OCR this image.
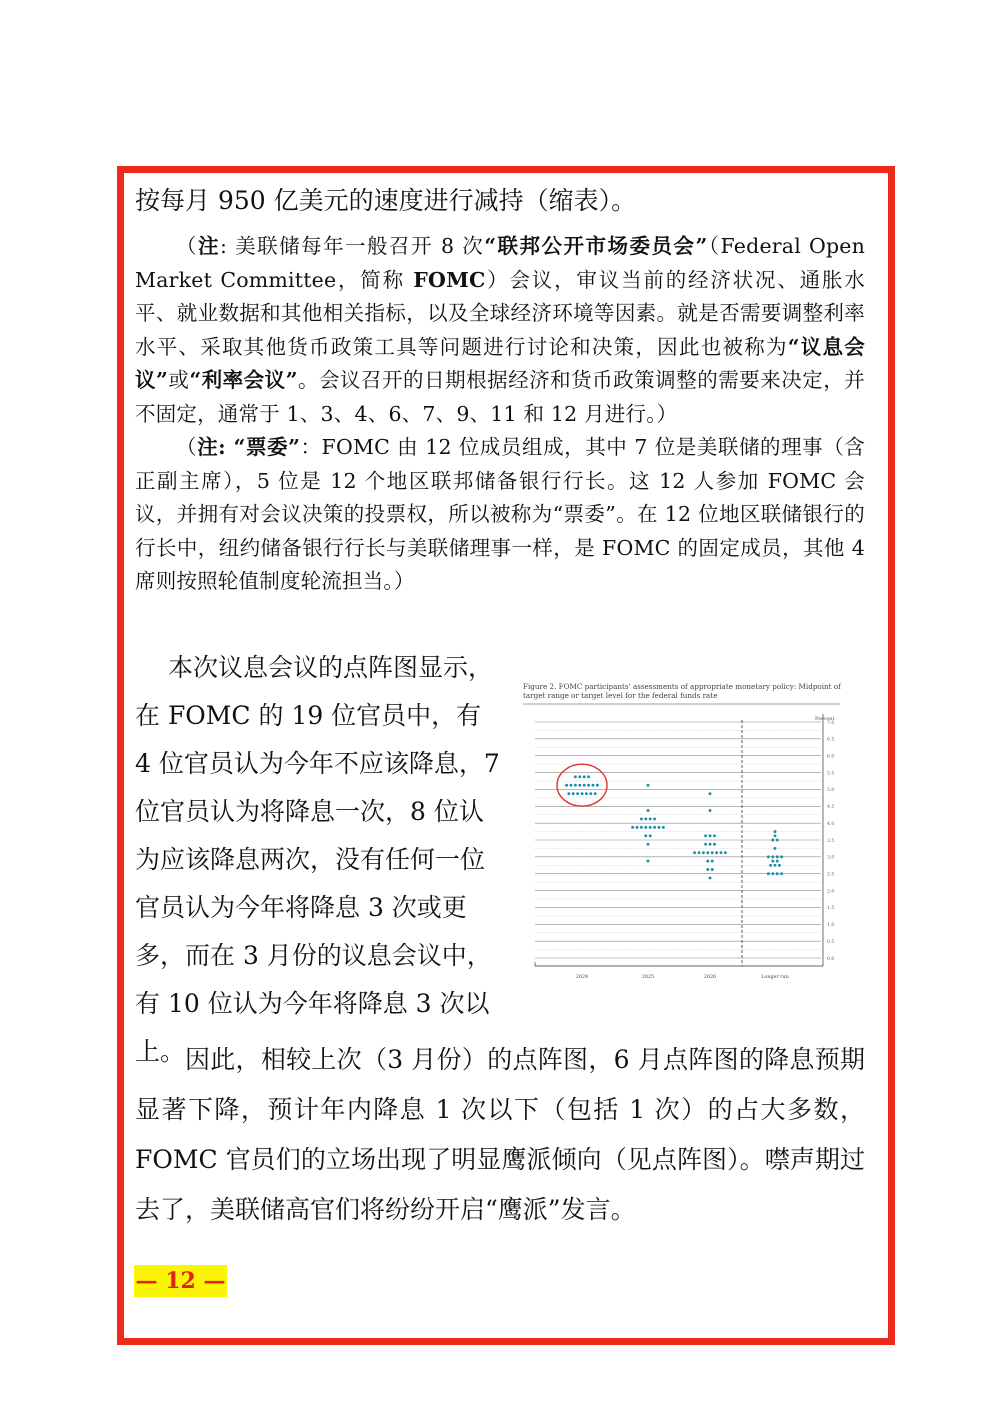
按每月 950 亿美元的速度进行减持（缩表）。

（注: 美联储每年一般召开 8 次“联邦公开市场委员会”（Federal Open Market Committee，简称 FOMC）会议，审议当前的经济状况、通胀水平、就业数据和其他相关指标，以及全球经济环境等因素。就是否需要调整利率水平、采取其他货币政策工具等问题进行讨论和决策，因此也被称为“议息会议”或“利率会议”。会议召开的日期根据经济和货币政策调整的需要来决定，并不固定，通常于 1、3、4、6、7、9、11 和 12 月进行。）

（注: “票委”：FOMC 由 12 位成员组成，其中 7 位是美联储的理事（含正副主席），5 位是 12 个地区联邦储备银行行长。这 12 人参加 FOMC 会议，并拥有对会议决策的投票权，所以被称为“票委”。在 12 位地区联储银行的行长中，纽约储备银行行长与美联储理事一样，是 FOMC 的固定成员，其他 4 席则按照轮值制度轮流担当。）

本次议息会议的点阵图显示，在 FOMC 的 19 位官员中，有 4 位官员认为今年不应该降息，7 位官员认为将降息一次，8 位认为应该降息两次，没有任何一位官员认为今年将降息 3 次或更多，而在 3 月份的议息会议中，有 10 位认为今年将降息 3 次以上。

Figure 2. FOMC participants' assessments of appropriate monetary policy: Midpoint of target range or target level for the federal funds rate
Percent
7.0
6.5
6.0
5.5
5.0
4.5
4.0
3.5
3.0
2.5
2.0
1.5
1.0
0.5
0.0
2024	2025	2026	Longer run

因此，相较上次（3 月份）的点阵图，6 月点阵图的降息预期显著下降，预计年内降息 1 次以下（包括 1 次）的占大多数，FOMC 官员们的立场出现了明显鹰派倾向（见点阵图）。噤声期过去了，美联储高官们将纷纷开启“鹰派”发言。

— 12 —
